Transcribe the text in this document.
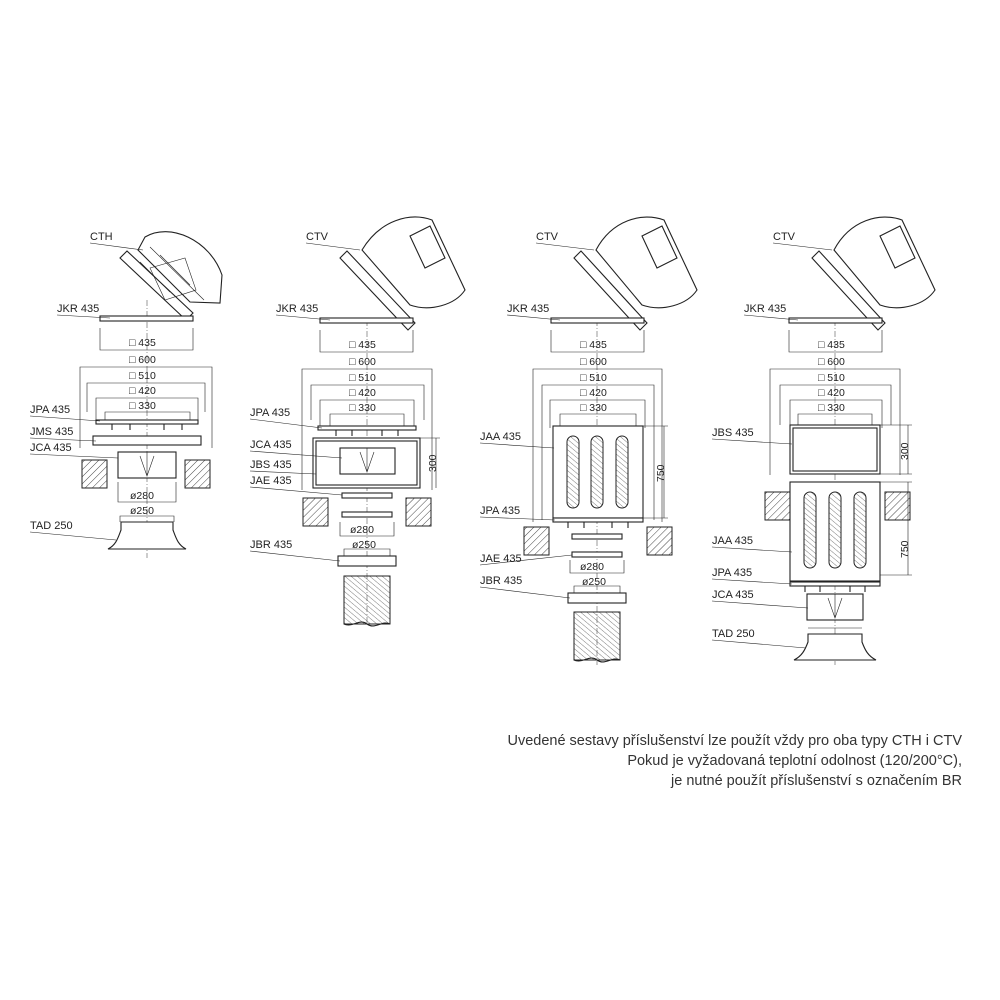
CTH
JKR 435
□ 435
□ 600
□ 510
□ 420
□ 330
JPA 435
JMS 435
JCA 435
ø280
ø250
TAD 250
CTV
JKR 435
□ 435
□ 600
□ 510
□ 420
□ 330
JPA 435
JCA 435
JBS 435	300
JAE 435
ø280
ø250
JBR 435
CTV
JKR 435
□ 435
□ 600
□ 510
□ 420
□ 330
JAA 435
750
JPA 435
JAE 435
ø280
ø250
JBR 435
CTV
JKR 435
□ 435
□ 600
□ 510
□ 420
□ 330
JBS 435
300
JAA 435	750
JPA 435
JCA 435
TAD 250
Uvedené sestavy příslušenství lze použít vždy pro oba typy CTH i CTV
Pokud je vyžadovaná teplotní odolnost (120/200°C),
je nutné použít příslušenství s označením BR
